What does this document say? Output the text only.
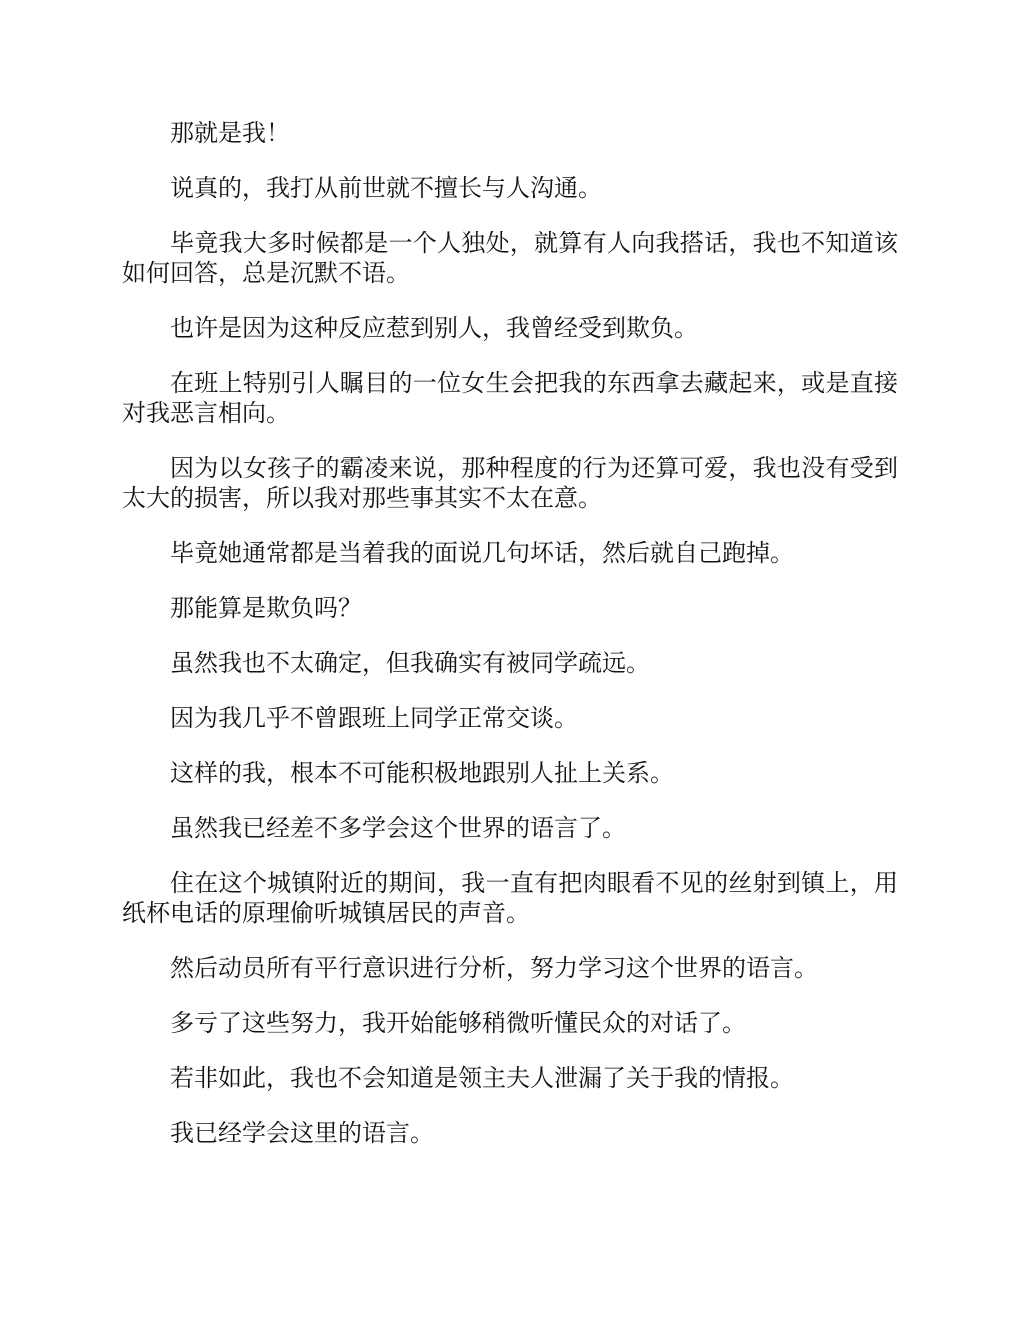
那就是我！

说真的，我打从前世就不擅长与人沟通。

毕竟我大多时候都是一个人独处，就算有人向我搭话，我也不知道该如何回答，总是沉默不语。

也许是因为这种反应惹到别人，我曾经受到欺负。

在班上特别引人瞩目的一位女生会把我的东西拿去藏起来，或是直接对我恶言相向。

因为以女孩子的霸凌来说，那种程度的行为还算可爱，我也没有受到太大的损害，所以我对那些事其实不太在意。

毕竟她通常都是当着我的面说几句坏话，然后就自己跑掉。

那能算是欺负吗？

虽然我也不太确定，但我确实有被同学疏远。

因为我几乎不曾跟班上同学正常交谈。

这样的我，根本不可能积极地跟别人扯上关系。

虽然我已经差不多学会这个世界的语言了。

住在这个城镇附近的期间，我一直有把肉眼看不见的丝射到镇上，用纸杯电话的原理偷听城镇居民的声音。

然后动员所有平行意识进行分析，努力学习这个世界的语言。

多亏了这些努力，我开始能够稍微听懂民众的对话了。

若非如此，我也不会知道是领主夫人泄漏了关于我的情报。

我已经学会这里的语言。
